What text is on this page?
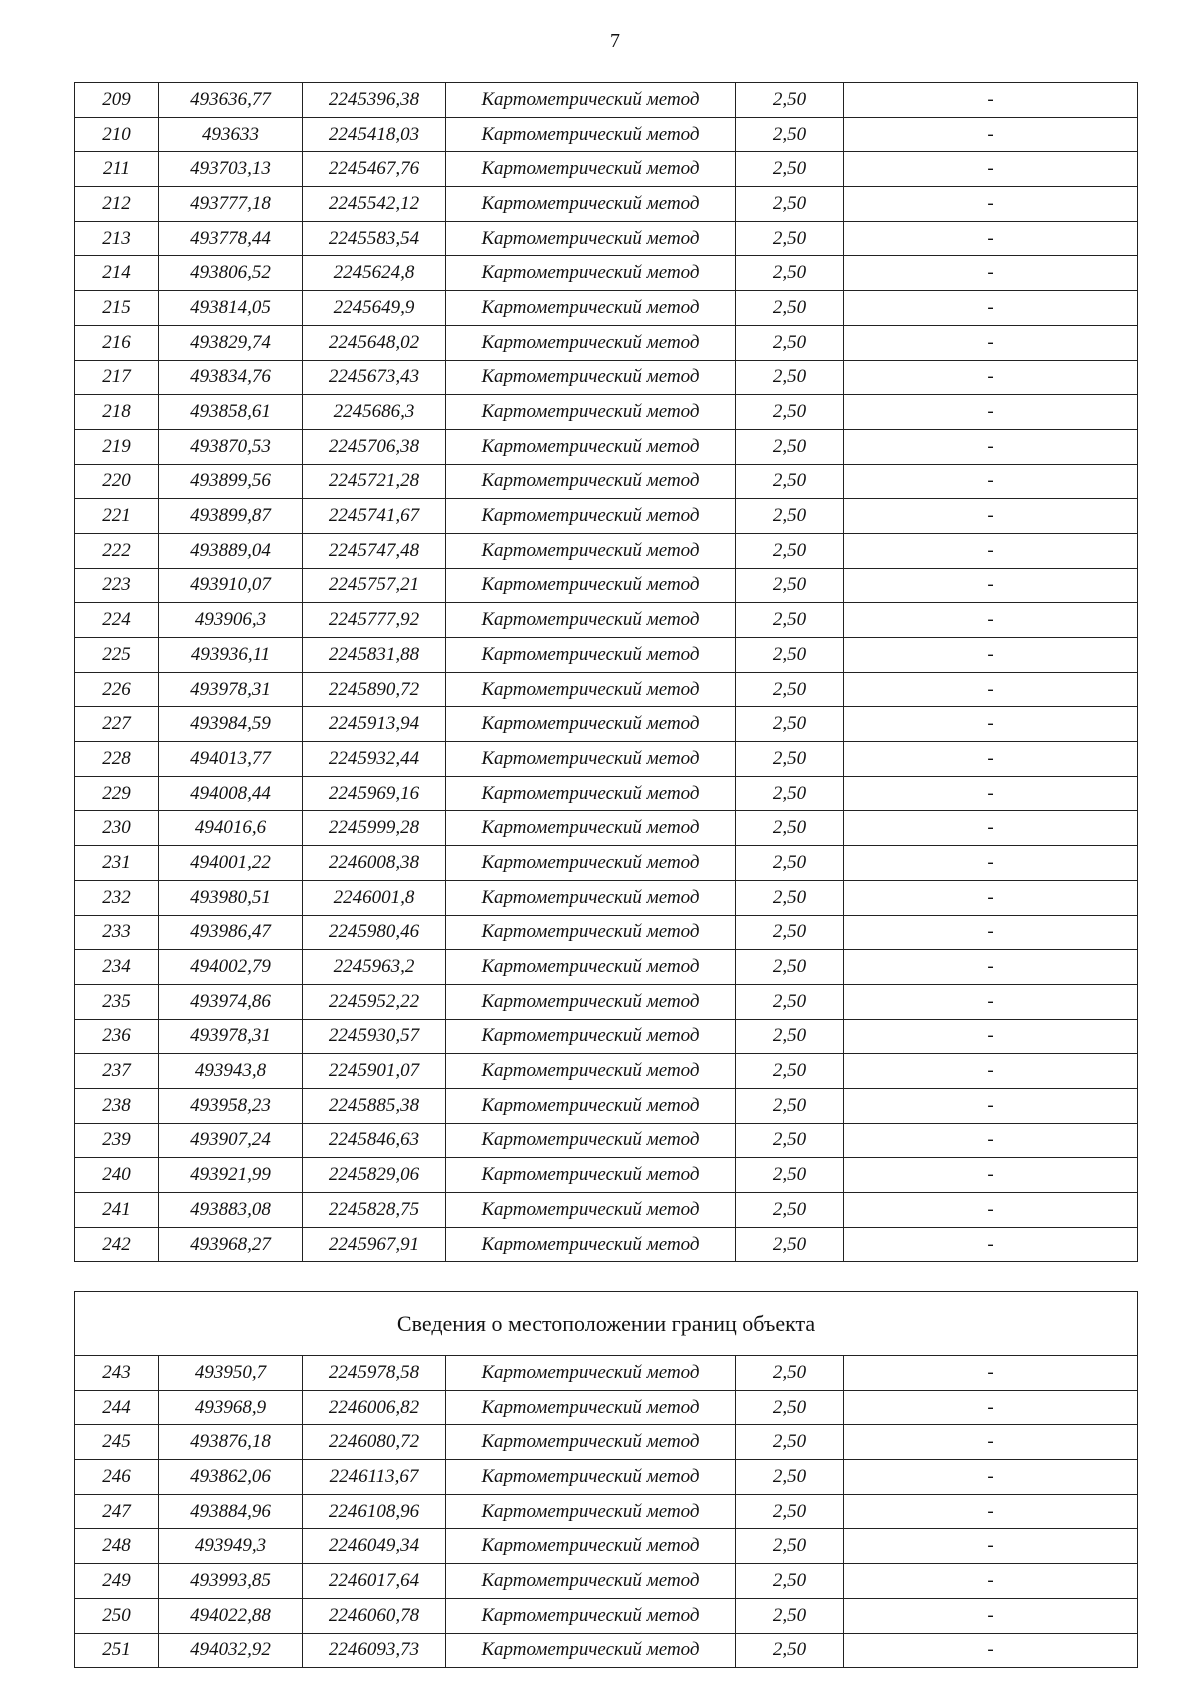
7
209	493636,77	2245396,38	Картометрический метод	2,50	-
210	493633	2245418,03	Картометрический метод	2,50	-
211	493703,13	2245467,76	Картометрический метод	2,50	-
212	493777,18	2245542,12	Картометрический метод	2,50	-
213	493778,44	2245583,54	Картометрический метод	2,50	-
214	493806,52	2245624,8	Картометрический метод	2,50	-
215	493814,05	2245649,9	Картометрический метод	2,50	-
216	493829,74	2245648,02	Картометрический метод	2,50	-
217	493834,76	2245673,43	Картометрический метод	2,50	-
218	493858,61	2245686,3	Картометрический метод	2,50	-
219	493870,53	2245706,38	Картометрический метод	2,50	-
220	493899,56	2245721,28	Картометрический метод	2,50	-
221	493899,87	2245741,67	Картометрический метод	2,50	-
222	493889,04	2245747,48	Картометрический метод	2,50	-
223	493910,07	2245757,21	Картометрический метод	2,50	-
224	493906,3	2245777,92	Картометрический метод	2,50	-
225	493936,11	2245831,88	Картометрический метод	2,50	-
226	493978,31	2245890,72	Картометрический метод	2,50	-
227	493984,59	2245913,94	Картометрический метод	2,50	-
228	494013,77	2245932,44	Картометрический метод	2,50	-
229	494008,44	2245969,16	Картометрический метод	2,50	-
230	494016,6	2245999,28	Картометрический метод	2,50	-
231	494001,22	2246008,38	Картометрический метод	2,50	-
232	493980,51	2246001,8	Картометрический метод	2,50	-
233	493986,47	2245980,46	Картометрический метод	2,50	-
234	494002,79	2245963,2	Картометрический метод	2,50	-
235	493974,86	2245952,22	Картометрический метод	2,50	-
236	493978,31	2245930,57	Картометрический метод	2,50	-
237	493943,8	2245901,07	Картометрический метод	2,50	-
238	493958,23	2245885,38	Картометрический метод	2,50	-
239	493907,24	2245846,63	Картометрический метод	2,50	-
240	493921,99	2245829,06	Картометрический метод	2,50	-
241	493883,08	2245828,75	Картометрический метод	2,50	-
242	493968,27	2245967,91	Картометрический метод	2,50	-
Сведения о местоположении границ объекта					
243	493950,7	2245978,58	Картометрический метод	2,50	-
244	493968,9	2246006,82	Картометрический метод	2,50	-
245	493876,18	2246080,72	Картометрический метод	2,50	-
246	493862,06	2246113,67	Картометрический метод	2,50	-
247	493884,96	2246108,96	Картометрический метод	2,50	-
248	493949,3	2246049,34	Картометрический метод	2,50	-
249	493993,85	2246017,64	Картометрический метод	2,50	-
250	494022,88	2246060,78	Картометрический метод	2,50	-
251	494032,92	2246093,73	Картометрический метод	2,50	-
